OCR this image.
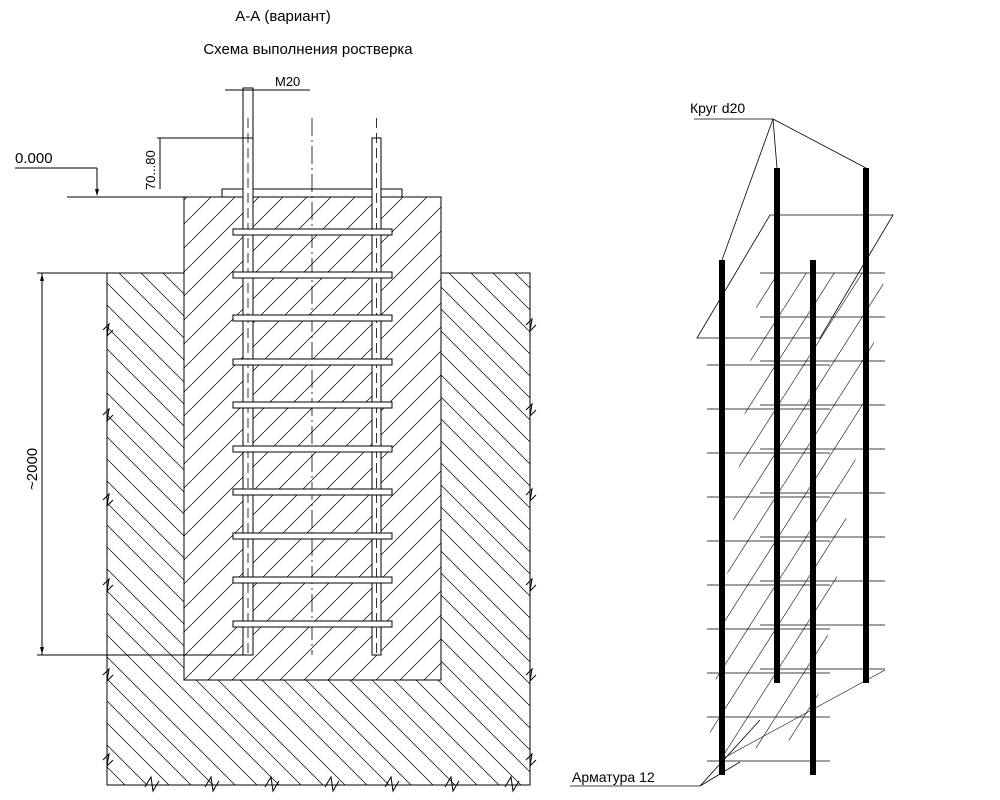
А-А (вариант)
Схема выполнения ростверка
0.000
М20
70...80
~2000
Круг d20
Арматура 12
